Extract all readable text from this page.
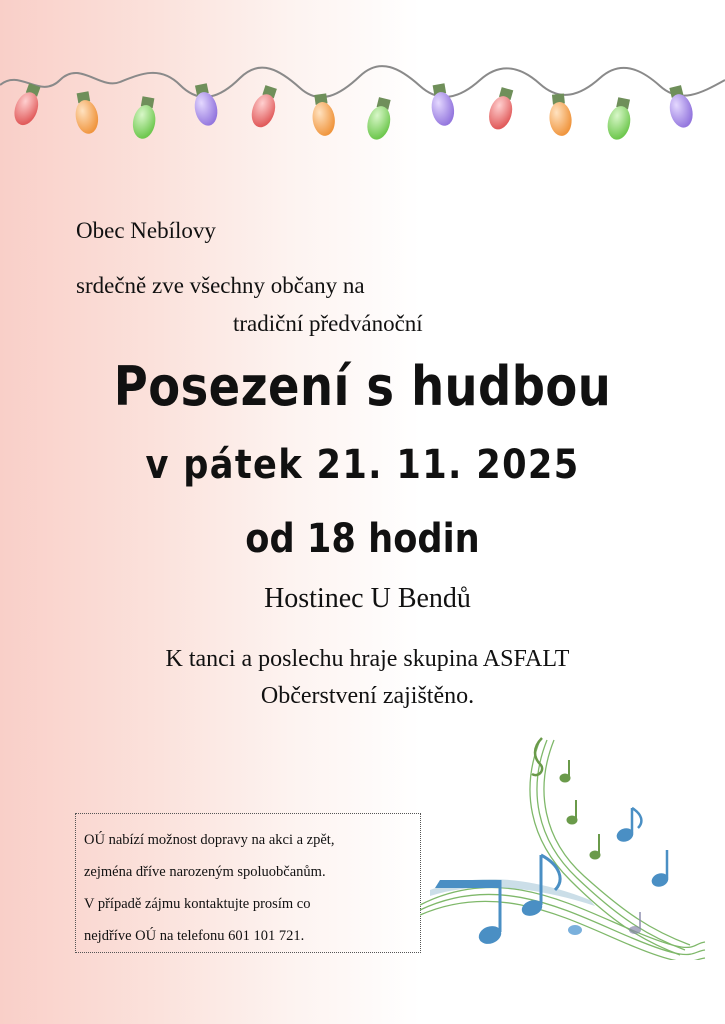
Obec Nebílovy
srdečně zve všechny občany na
tradiční předvánoční
Posezení s hudbou
v pátek 21. 11. 2025
od 18 hodin
Hostinec U Bendů
K tanci a poslechu hraje skupina ASFALT
Občerstvení zajištěno.
OÚ nabízí možnost dopravy na akci a zpět,
zejména dříve narozeným spoluobčanům.
V případě zájmu kontaktujte prosím co
nejdříve OÚ na telefonu 601 101 721.
